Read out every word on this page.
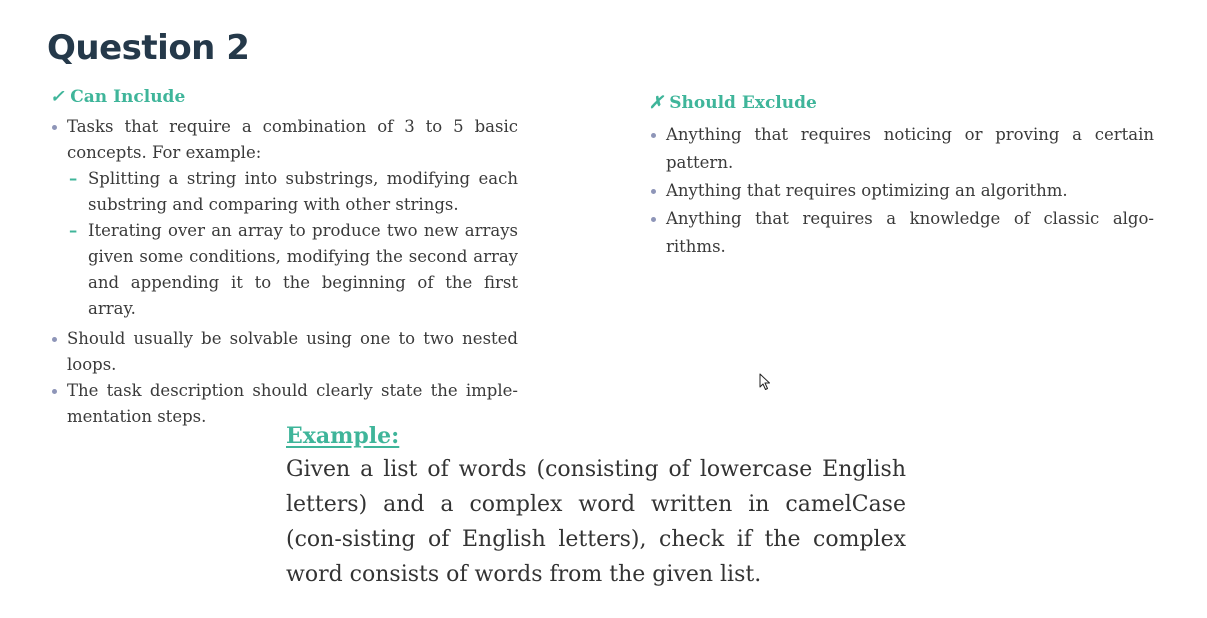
Question 2
✓ Can Include

Tasks that require a combination of 3 to 5 basic concepts. For example:

– Splitting a string into substrings, modifying each substring and comparing with other strings.

– Iterating over an array to produce two new arrays given some conditions, modifying the second array and appending it to the beginning of the first array.

Should usually be solvable using one to two nested loops.

The task description should clearly state the imple-mentation steps.

✗ Should Exclude

Anything that requires noticing or proving a certain pattern.

Anything that requires optimizing an algorithm.

Anything that requires a knowledge of classic algo-rithms.

Example:

Given a list of words (consisting of lowercase English letters) and a complex word written in camelCase (con-sisting of English letters), check if the complex word consists of words from the given list.
